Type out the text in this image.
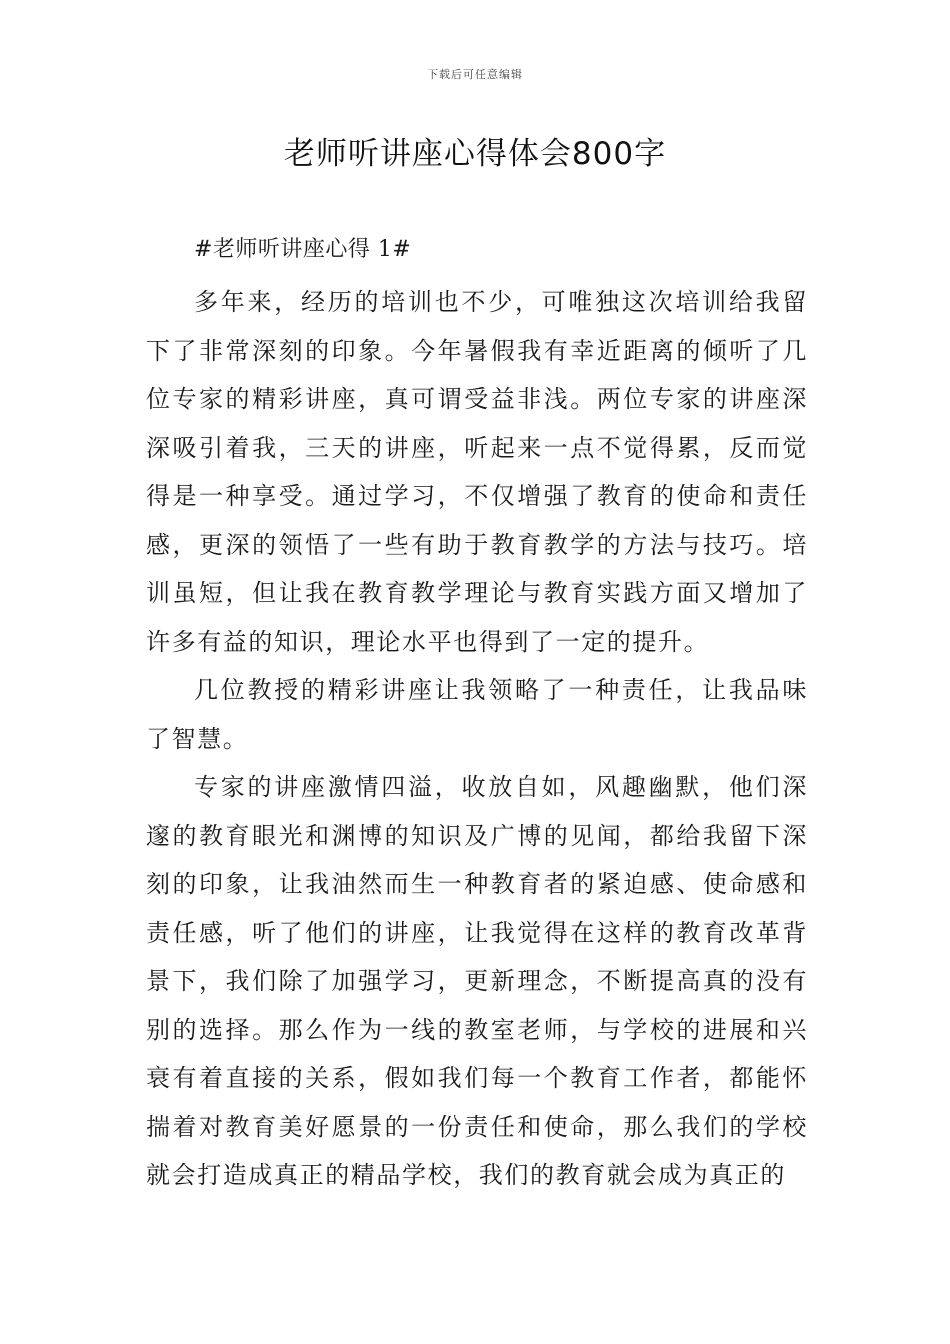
下载后可任意编辑
老师听讲座心得体会800字

#老师听讲座心得 1#

多年来，经历的培训也不少，可唯独这次培训给我留下了非常深刻的印象。今年暑假我有幸近距离的倾听了几位专家的精彩讲座，真可谓受益非浅。两位专家的讲座深深吸引着我，三天的讲座，听起来一点不觉得累，反而觉得是一种享受。通过学习，不仅增强了教育的使命和责任感，更深的领悟了一些有助于教育教学的方法与技巧。培训虽短，但让我在教育教学理论与教育实践方面又增加了许多有益的知识，理论水平也得到了一定的提升。

几位教授的精彩讲座让我领略了一种责任，让我品味了智慧。

专家的讲座激情四溢，收放自如，风趣幽默，他们深邃的教育眼光和渊博的知识及广博的见闻，都给我留下深刻的印象，让我油然而生一种教育者的紧迫感、使命感和责任感，听了他们的讲座，让我觉得在这样的教育改革背景下，我们除了加强学习，更新理念，不断提高真的没有别的选择。那么作为一线的教室老师，与学校的进展和兴衰有着直接的关系，假如我们每一个教育工作者，都能怀揣着对教育美好愿景的一份责任和使命，那么我们的学校就会打造成真正的精品学校，我们的教育就会成为真正的
